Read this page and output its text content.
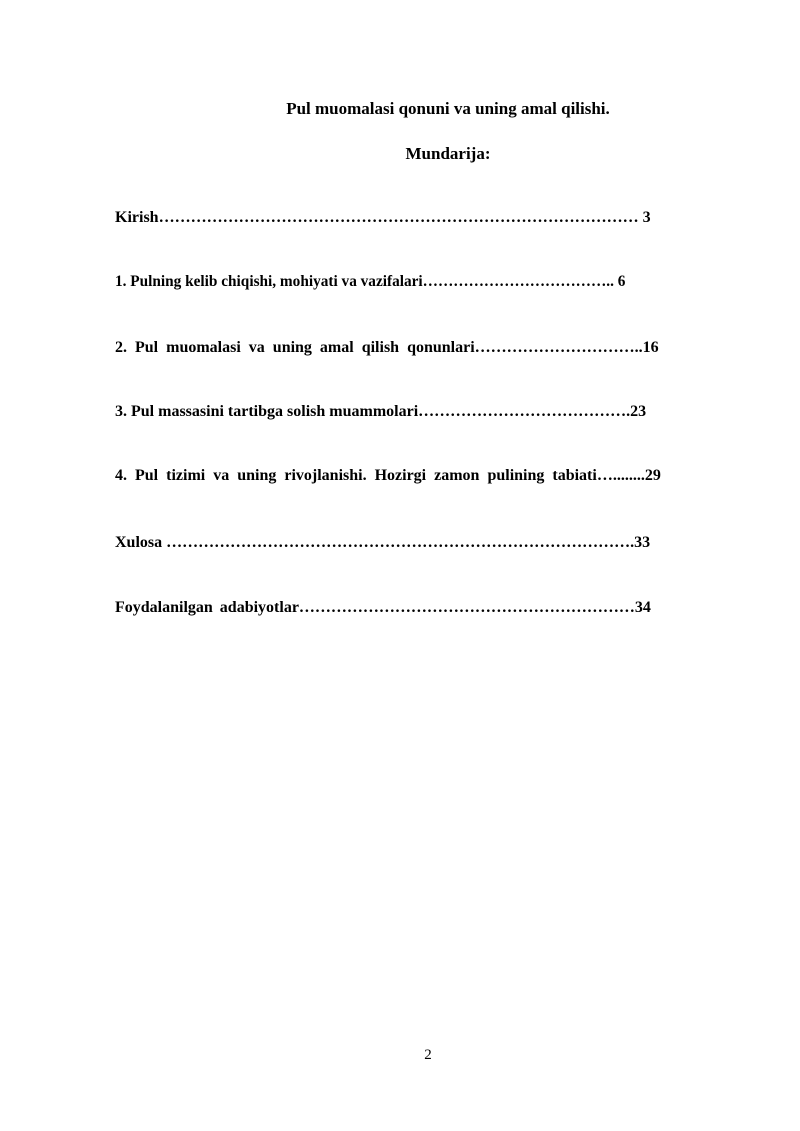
Pul muomalasi qonuni va uning amal qilishi.
Mundarija:
Kirish……………………………………………………………………………… 3
1. Pulning kelib chiqishi, mohiyati va vazifalari……………………………….. 6
2. Pul muomalasi va uning amal qilish qonunlari…………………………..16
3. Pul massasini tartibga solish muammolari………………………………….23
4. Pul tizimi va uning rivojlanishi. Hozirgi zamon pulining tabiati…........29
Xulosa …………………………………………………………………………….33
Foydalanilgan adabiyotlar………………………………………………………34
2
